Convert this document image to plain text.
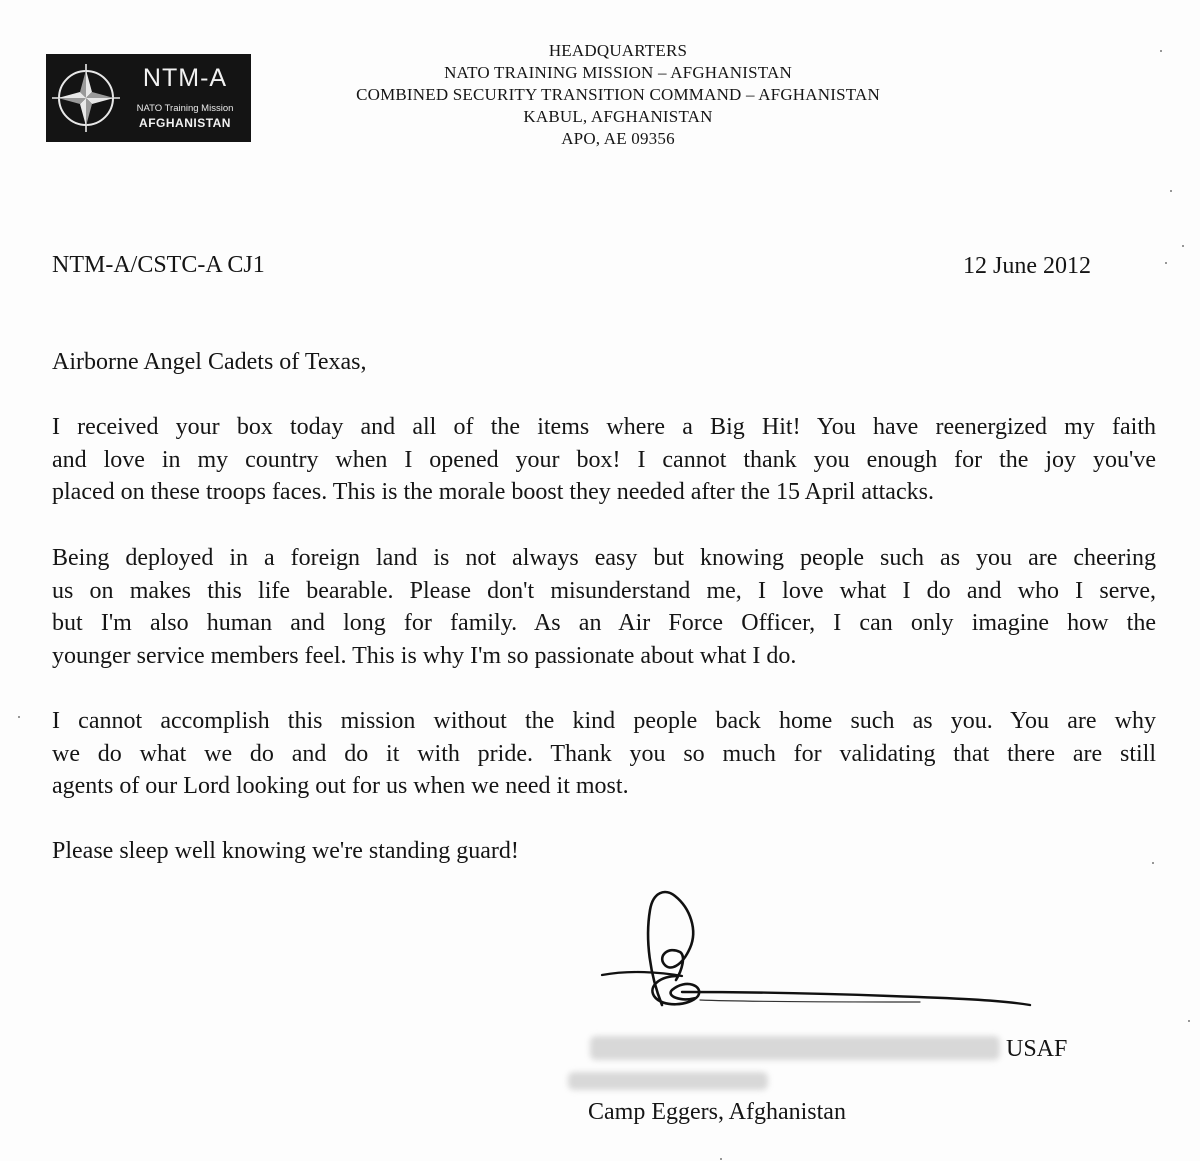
NTM-A
NATO Training Mission
AFGHANISTAN
HEADQUARTERS
NATO TRAINING MISSION – AFGHANISTAN
COMBINED SECURITY TRANSITION COMMAND – AFGHANISTAN
KABUL, AFGHANISTAN
APO, AE 09356
NTM-A/CSTC-A CJ1	12 June 2012
Airborne Angel Cadets of Texas,
I received your box today and all of the items where a Big Hit! You have reenergized my faith
and love in my country when I opened your box! I cannot thank you enough for the joy you've
placed on these troops faces. This is the morale boost they needed after the 15 April attacks.
Being deployed in a foreign land is not always easy but knowing people such as you are cheering
us on makes this life bearable. Please don't misunderstand me, I love what I do and who I serve,
but I'm also human and long for family. As an Air Force Officer, I can only imagine how the
younger service members feel. This is why I'm so passionate about what I do.
I cannot accomplish this mission without the kind people back home such as you. You are why
we do what we do and do it with pride. Thank you so much for validating that there are still
agents of our Lord looking out for us when we need it most.
Please sleep well knowing we're standing guard!
USAF
Camp Eggers, Afghanistan
